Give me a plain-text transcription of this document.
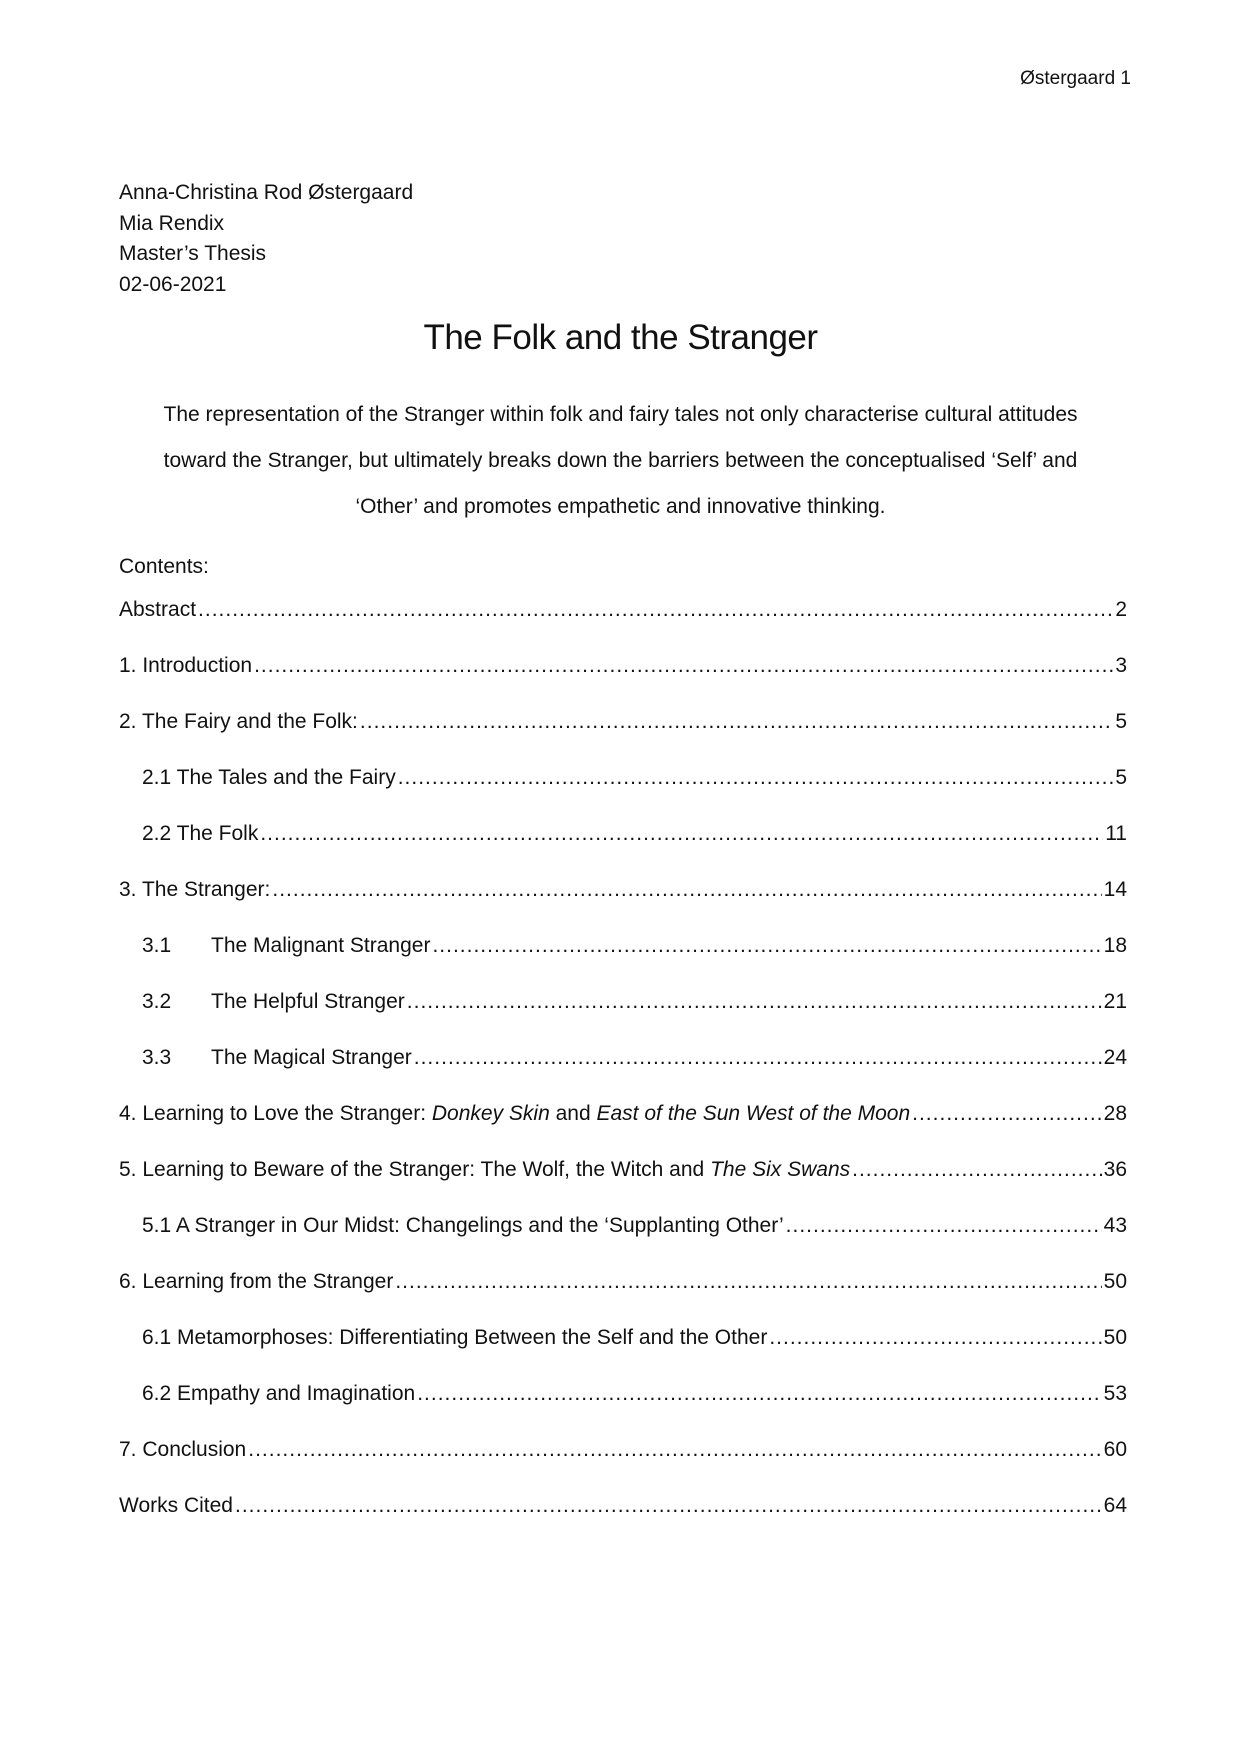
Østergaard 1
Anna-Christina Rod Østergaard
Mia Rendix
Master’s Thesis
02-06-2021
The Folk and the Stranger
The representation of the Stranger within folk and fairy tales not only characterise cultural attitudes toward the Stranger, but ultimately breaks down the barriers between the conceptualised ‘Self’ and ‘Other’ and promotes empathetic and innovative thinking.
Contents:
Abstract .....	2
1. Introduction .....	3
2. The Fairy and the Folk: .....	5
2.1 The Tales and the Fairy .....	5
2.2 The Folk .....	11
3. The Stranger: .....	14
3.1	The Malignant Stranger .....	18
3.2	The Helpful Stranger .....	21
3.3	The Magical Stranger .....	24
4. Learning to Love the Stranger: Donkey Skin and East of the Sun West of the Moon .....	28
5. Learning to Beware of the Stranger: The Wolf, the Witch and The Six Swans .....	36
5.1 A Stranger in Our Midst: Changelings and the ‘Supplanting Other’ .....	43
6. Learning from the Stranger .....	50
6.1 Metamorphoses: Differentiating Between the Self and the Other .....	50
6.2 Empathy and Imagination .....	53
7. Conclusion .....	60
Works Cited .....	64
